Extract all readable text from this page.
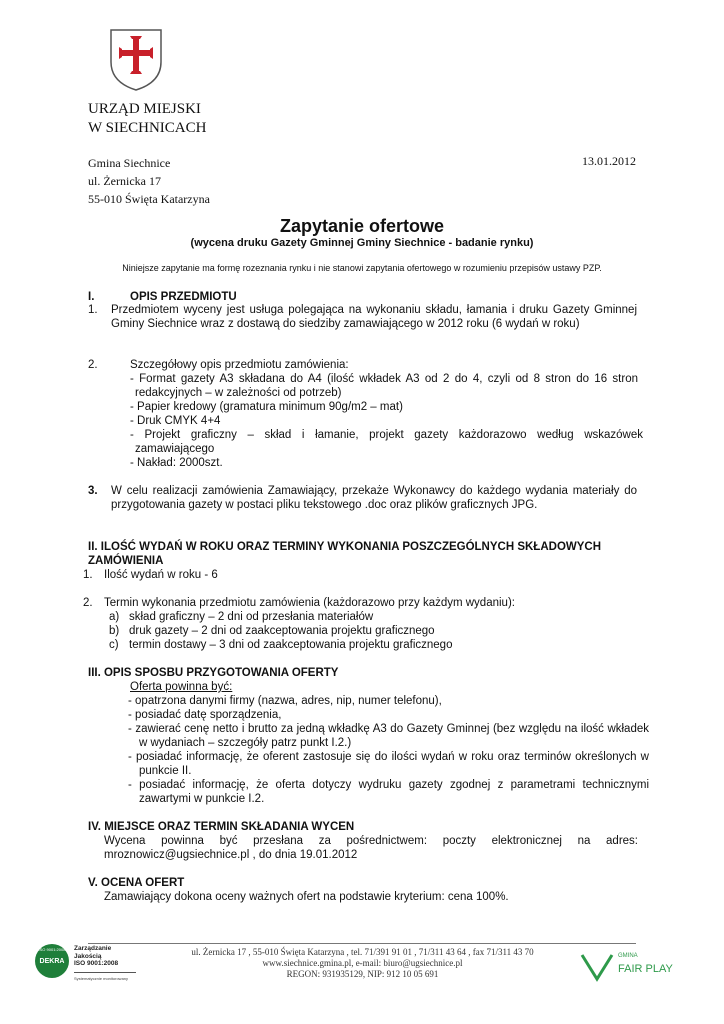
URZĄD MIEJSKI
W SIECHNICACH
Gmina Siechnice
ul. Żernicka 17
55-010 Święta Katarzyna
13.01.2012
Zapytanie ofertowe
(wycena druku Gazety Gminnej Gminy Siechnice - badanie rynku)
Niniejsze zapytanie ma formę rozeznania rynku i nie stanowi zapytania ofertowego w rozumieniu przepisów ustawy PZP.
I.	OPIS PRZEDMIOTU
1. Przedmiotem wyceny jest usługa polegająca na wykonaniu składu, łamania i druku Gazety Gminnej Gminy Siechnice wraz z dostawą do siedziby zamawiającego w 2012 roku (6 wydań w roku)
2.	Szczegółowy opis przedmiotu zamówienia:
- Format gazety A3 składana do A4 (ilość wkładek A3 od 2 do 4, czyli od 8 stron do 16 stron redakcyjnych – w zależności od potrzeb)
- Papier kredowy (gramatura minimum 90g/m2 – mat)
- Druk CMYK 4+4
- Projekt graficzny – skład i łamanie, projekt gazety każdorazowo według wskazówek zamawiającego
- Nakład: 2000szt.
3. W celu realizacji zamówienia Zamawiający, przekaże Wykonawcy do każdego wydania materiały do przygotowania gazety w postaci pliku tekstowego .doc oraz plików graficznych JPG.
II. ILOŚĆ WYDAŃ W ROKU ORAZ TERMINY WYKONANIA POSZCZEGÓLNYCH SKŁADOWYCH ZAMÓWIENIA
1. Ilość wydań w roku - 6
2. Termin wykonania przedmiotu zamówienia (każdorazowo przy każdym wydaniu):
a) skład graficzny – 2 dni od przesłania materiałów
b) druk gazety – 2 dni od zaakceptowania projektu graficznego
c) termin dostawy – 3 dni od zaakceptowania projektu graficznego
III. OPIS SPOSBU PRZYGOTOWANIA OFERTY
Oferta powinna być:
- opatrzona danymi firmy (nazwa, adres, nip, numer telefonu),
- posiadać datę sporządzenia,
- zawierać cenę netto i brutto za jedną wkładkę A3 do Gazety Gminnej (bez względu na ilość wkładek w wydaniach – szczegóły patrz punkt I.2.)
- posiadać informację, że oferent zastosuje się do ilości wydań w roku oraz terminów określonych w punkcie II.
- posiadać informację, że oferta dotyczy wydruku gazety zgodnej z parametrami technicznymi zawartymi w punkcie I.2.
IV. MIEJSCE ORAZ TERMIN SKŁADANIA WYCEN
Wycena powinna być przesłana za pośrednictwem: poczty elektronicznej na adres: mroznowicz@ugsiechnice.pl , do dnia 19.01.2012
V. OCENA OFERT
Zamawiający dokona oceny ważnych ofert na podstawie kryterium: cena 100%.
ul. Żernicka 17 , 55-010 Święta Katarzyna , tel. 71/391 91 01 , 71/311 43 64 , fax 71/311 43 70
www.siechnice.gmina.pl, e-mail: biuro@ugsiechnice.pl
REGON: 931935129, NIP: 912 10 05 691
ISO 9001:2008
DEKRA
Zarządzanie
Jakością
ISO 9001:2008
Systematycznie monitorowany
GMINA
FAIR PLAY
